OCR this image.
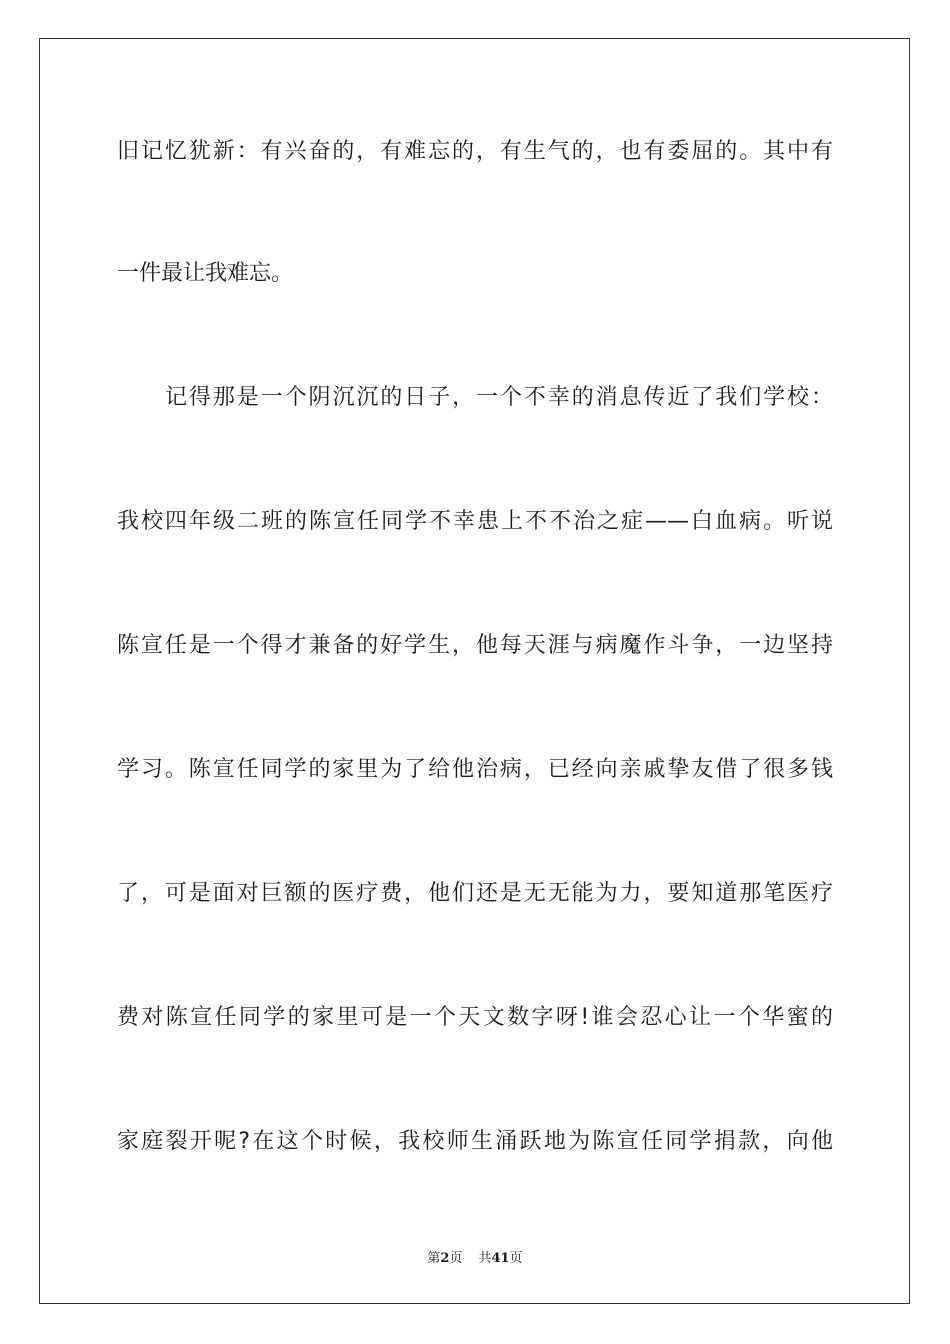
旧记忆犹新：有兴奋的，有难忘的，有生气的，也有委屈的。其中有
一件最让我难忘。
记得那是一个阴沉沉的日子，一个不幸的消息传近了我们学校：
我校四年级二班的陈宣任同学不幸患上不不治之症——白血病。听说
陈宣任是一个得才兼备的好学生，他每天涯与病魔作斗争，一边坚持
学习。陈宣任同学的家里为了给他治病，已经向亲戚挚友借了很多钱
了，可是面对巨额的医疗费，他们还是无无能为力，要知道那笔医疗
费对陈宣任同学的家里可是一个天文数字呀!谁会忍心让一个华蜜的
家庭裂开呢?在这个时候，我校师生涌跃地为陈宣任同学捐款，向他
第2页 共41页
